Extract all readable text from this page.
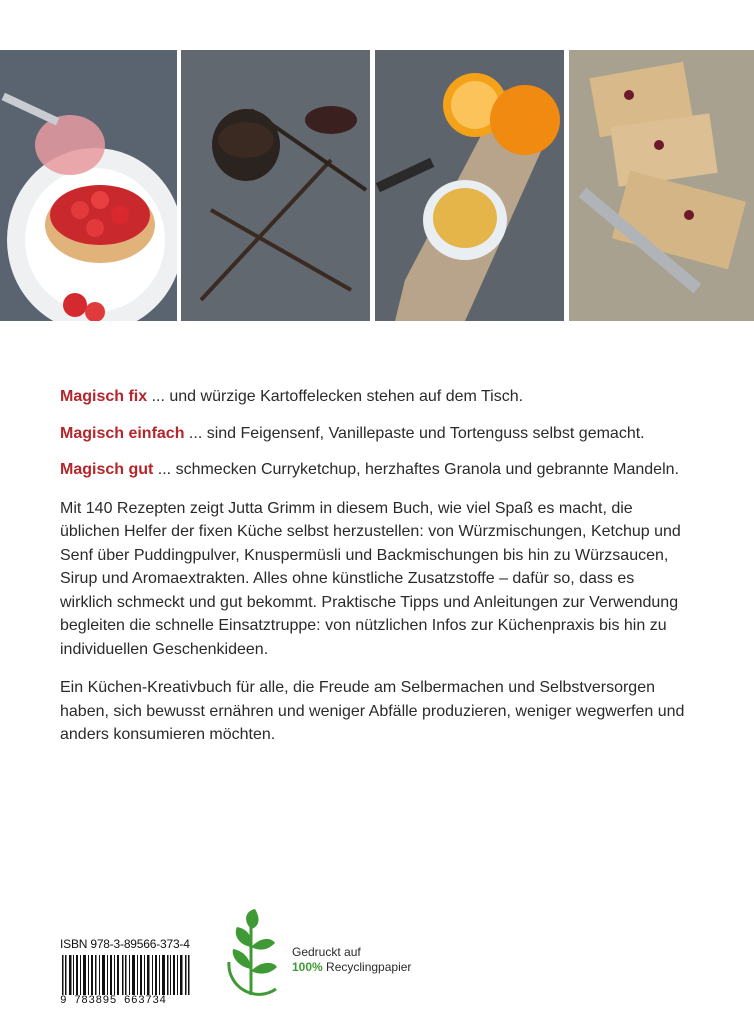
Magisch fix ... und würzige Kartoffelecken stehen auf dem Tisch.

Magisch einfach ... sind Feigensenf, Vanillepaste und Tortenguss selbst gemacht.

Magisch gut ... schmecken Curryketchup, herzhaftes Granola und gebrannte Mandeln.

Mit 140 Rezepten zeigt Jutta Grimm in diesem Buch, wie viel Spaß es macht, die üblichen Helfer der fixen Küche selbst herzustellen: von Würzmischungen, Ketchup und Senf über Puddingpulver, Knuspermüsli und Backmischungen bis hin zu Würzsaucen, Sirup und Aromaextrakten. Alles ohne künstliche Zusatzstoffe – dafür so, dass es wirklich schmeckt und gut bekommt. Praktische Tipps und Anleitungen zur Verwendung begleiten die schnelle Einsatztruppe: von nützlichen Infos zur Küchenpraxis bis hin zu individuellen Geschenkideen.

Ein Küchen-Kreativbuch für alle, die Freude am Selbermachen und Selbstversorgen haben, sich bewusst ernähren und weniger Abfälle produzieren, weniger wegwerfen und anders konsumieren möchten.

ISBN 978-3-89566-373-4
9 783895 663734
Gedruckt auf
100% Recyclingpapier
